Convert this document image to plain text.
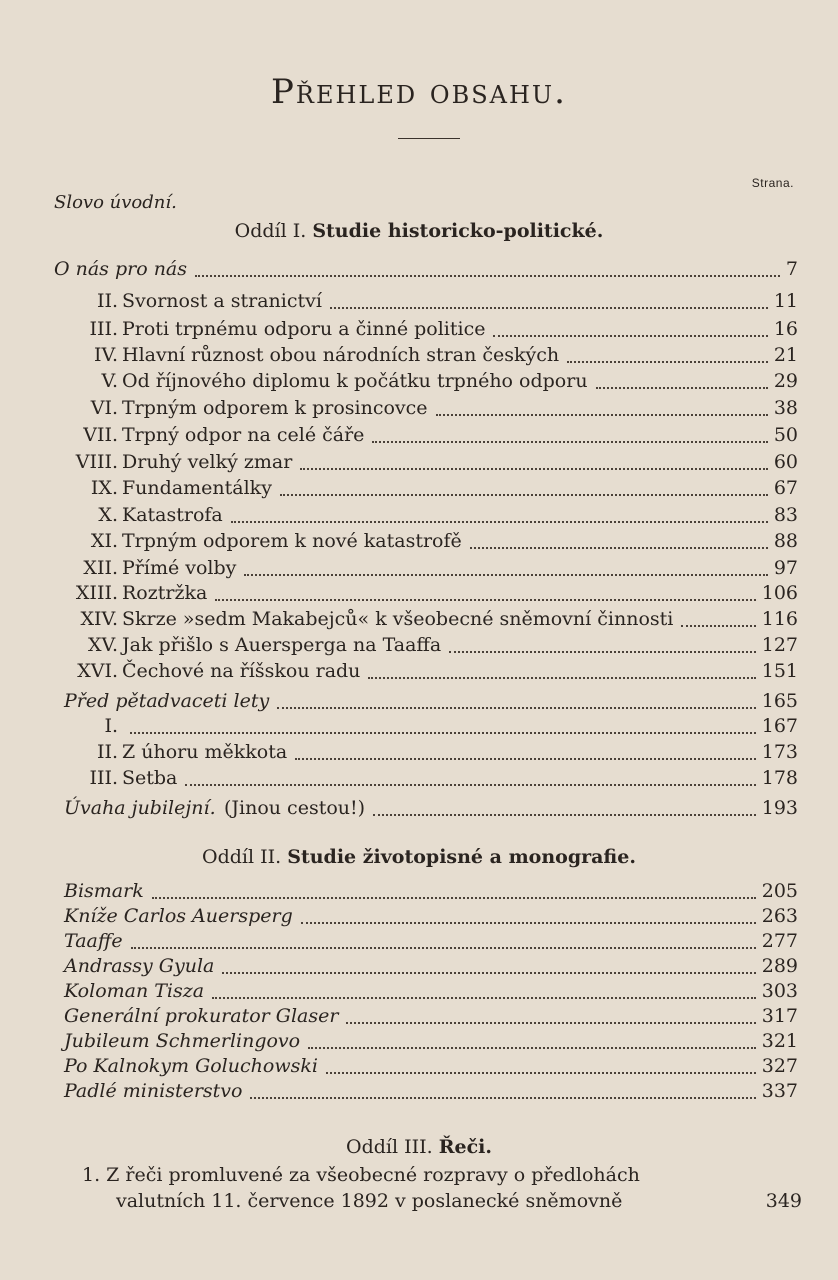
Přehled obsahu.
Strana.
Slovo úvodní.
Oddíl I. Studie historicko-politické.
Oddíl II. Studie životopisné a monografie.
Oddíl III. Řeči.
O nás pro nás	7
II. Svornost a stranictví	11
III. Proti trpnému odporu a činné politice	16
IV. Hlavní různost obou národních stran českých	21
V. Od říjnového diplomu k počátku trpného odporu	29
VI. Trpným odporem k prosincovce	38
VII. Trpný odpor na celé čáře	50
VIII. Druhý velký zmar	60
IX. Fundamentálky	67
X. Katastrofa	83
XI. Trpným odporem k nové katastrofě	88
XII. Přímé volby	97
XIII. Roztržka	106
XIV. Skrze »sedm Makabejců« k všeobecné sněmovní činnosti	116
XV. Jak přišlo s Auersperga na Taaffa	127
XVI. Čechové na říšskou radu	151
Před pětadvaceti lety	165
I.	167
II. Z úhoru měkkota	173
III. Setba	178
Úvaha jubilejní. (Jinou cestou!)	193
Bismark	205
Kníže Carlos Auersperg	263
Taaffe	277
Andrassy Gyula	289
Koloman Tisza	303
Generální prokurator Glaser	317
Jubileum Schmerlingovo	321
Po Kalnokym Goluchowski	327
Padlé ministerstvo	337
1. Z řeči promluvené za všeobecné rozpravy o předlohách
valutních 11. července 1892 v poslanecké sněmovně	349
